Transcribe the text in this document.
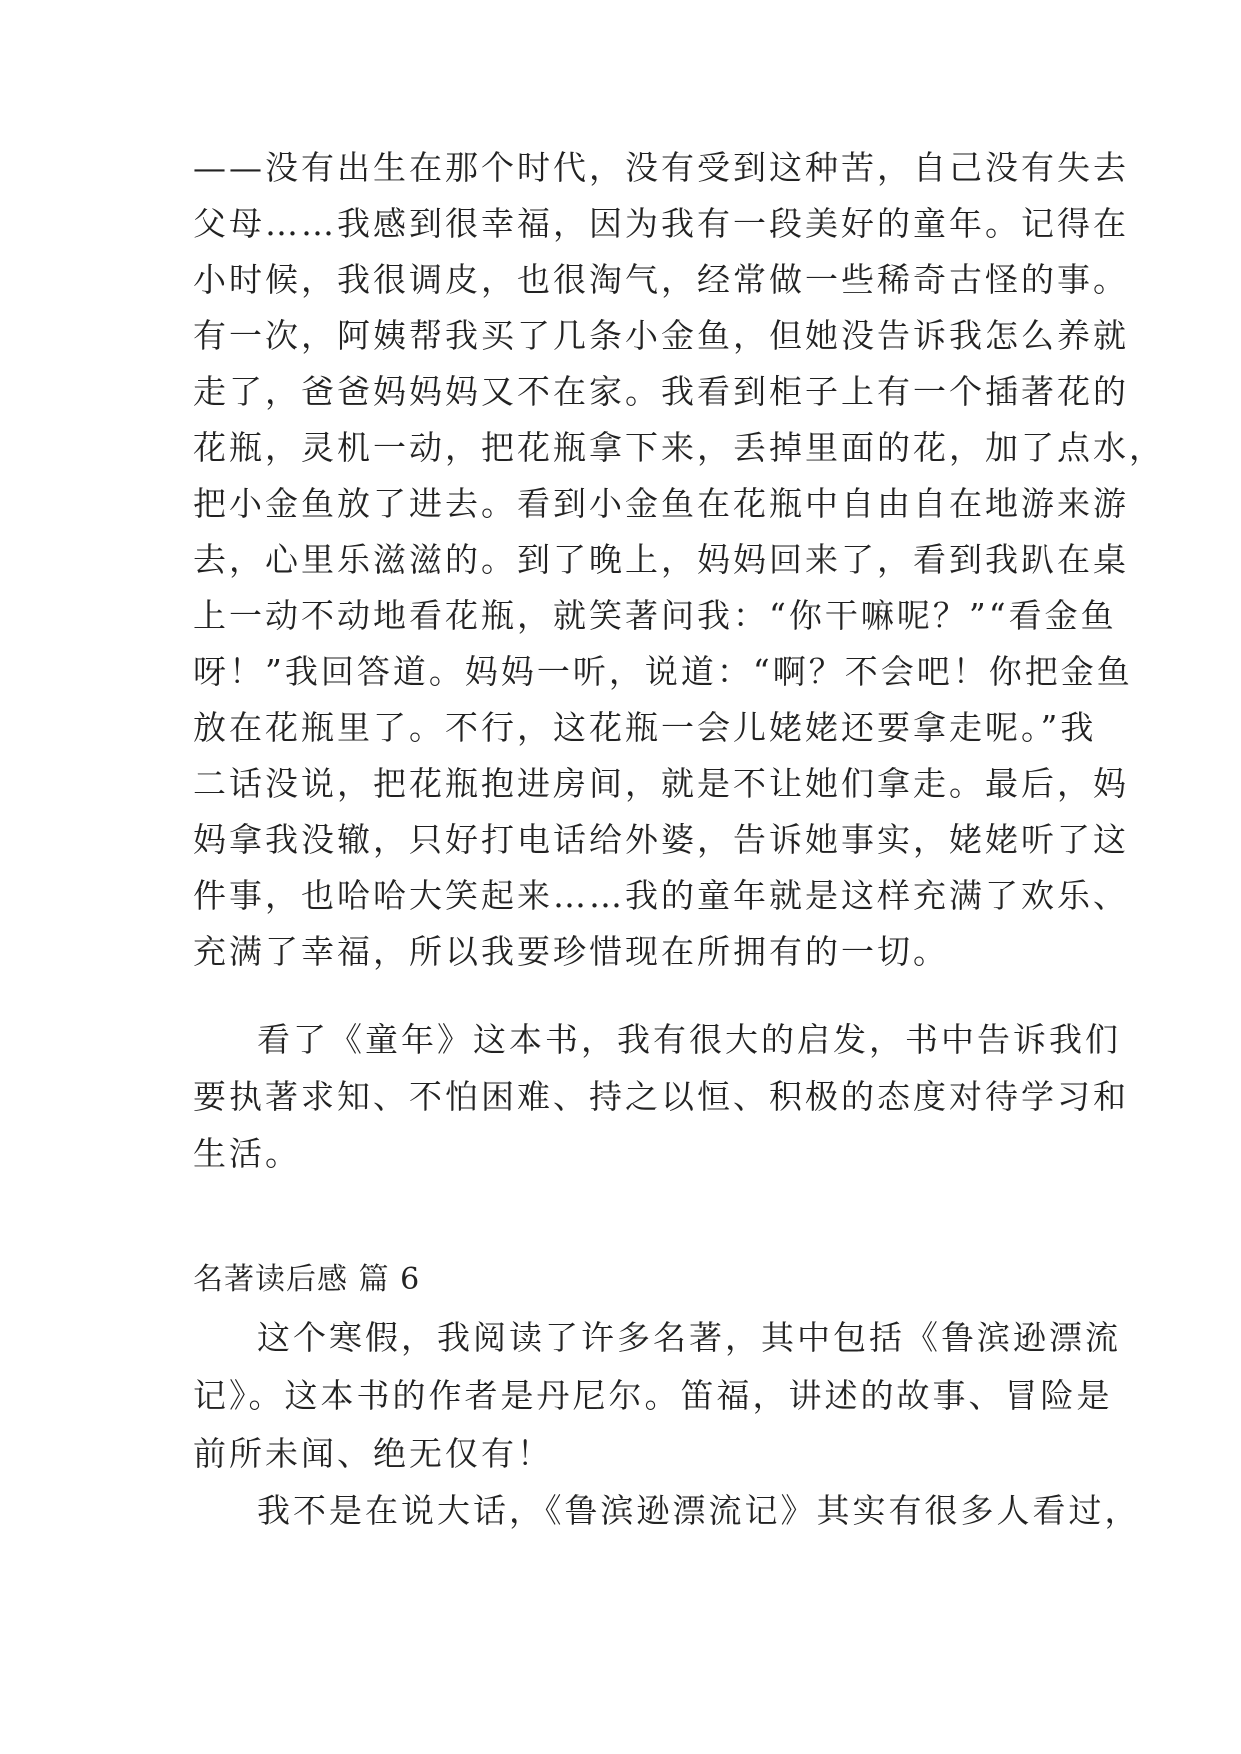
——没有出生在那个时代，没有受到这种苦，自己没有失去
父母……我感到很幸福，因为我有一段美好的童年。记得在
小时候，我很调皮，也很淘气，经常做一些稀奇古怪的事。
有一次，阿姨帮我买了几条小金鱼，但她没告诉我怎么养就
走了，爸爸妈妈妈又不在家。我看到柜子上有一个插著花的
花瓶，灵机一动，把花瓶拿下来，丢掉里面的花，加了点水，
把小金鱼放了进去。看到小金鱼在花瓶中自由自在地游来游
去，心里乐滋滋的。到了晚上，妈妈回来了，看到我趴在桌
上一动不动地看花瓶，就笑著问我：“你干嘛呢？”“看金鱼
呀！”我回答道。妈妈一听，说道：“啊？不会吧！你把金鱼
放在花瓶里了。不行，这花瓶一会儿姥姥还要拿走呢。”我
二话没说，把花瓶抱进房间，就是不让她们拿走。最后，妈
妈拿我没辙，只好打电话给外婆，告诉她事实，姥姥听了这
件事，也哈哈大笑起来……我的童年就是这样充满了欢乐、
充满了幸福，所以我要珍惜现在所拥有的一切。
看了《童年》这本书，我有很大的启发，书中告诉我们
要执著求知、不怕困难、持之以恒、积极的态度对待学习和
生活。
名著读后感 篇 6
这个寒假，我阅读了许多名著，其中包括《鲁滨逊漂流
记》。这本书的作者是丹尼尔。笛福，讲述的故事、冒险是
前所未闻、绝无仅有！
我不是在说大话，《鲁滨逊漂流记》其实有很多人看过，
